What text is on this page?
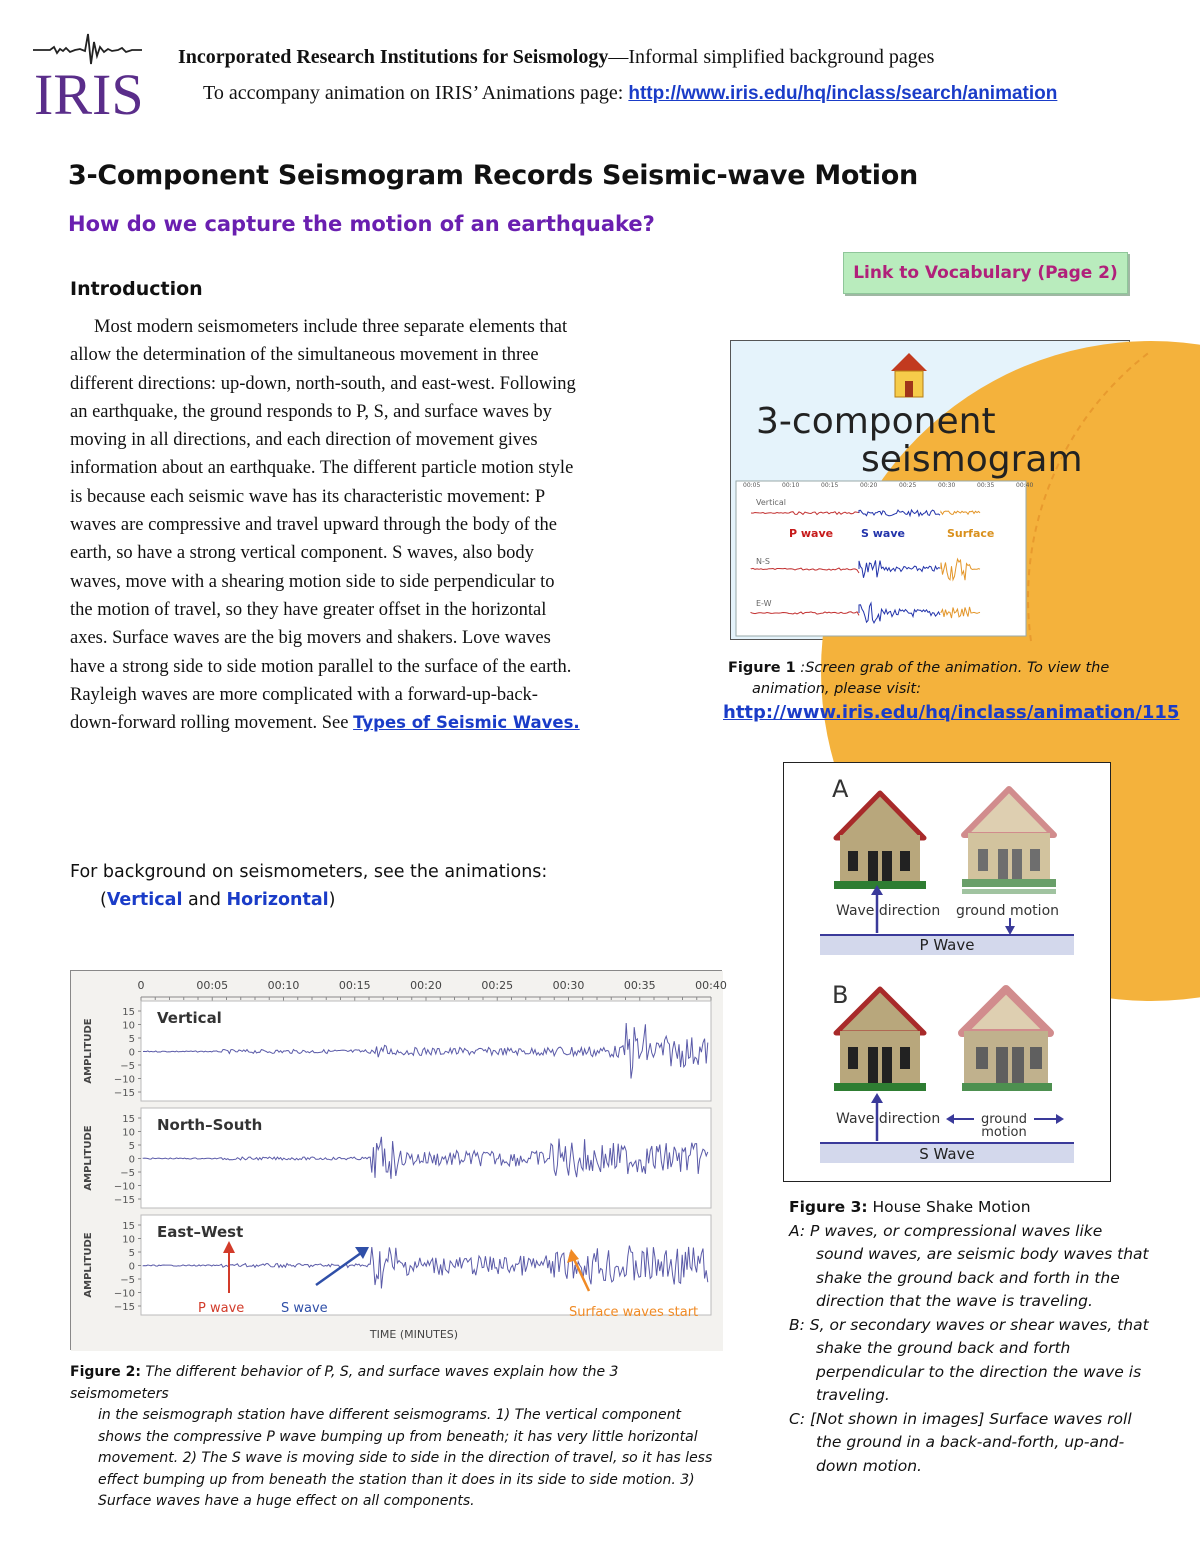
IRIS
Incorporated Research Institutions for Seismology—Informal simplified background pages
To accompany animation on IRIS’ Animations page: http://www.iris.edu/hq/inclass/search/animation
3-Component Seismogram Records Seismic-wave Motion
How do we capture the motion of an earthquake?
Link to Vocabulary (Page 2)
Introduction
Most modern seismometers include three separate elements that allow the determination of the simultaneous movement in three different directions: up-down, north-south, and east-west. Following an earthquake, the ground responds to P, S, and surface waves by moving in all directions, and each direction of movement gives information about an earthquake. The different particle motion style is because each seismic wave has its characteristic movement: P waves are compressive and travel upward through the body of the earth, so have a strong vertical component. S waves, also body waves, move with a shearing motion side to side perpendicular to the motion of travel, so they have greater offset in the horizontal axes. Surface waves are the big movers and shakers. Love waves have a strong side to side motion parallel to the surface of the earth. Rayleigh waves are more complicated with a forward-up-back-down-forward rolling movement. See Types of Seismic Waves.
For background on seismometers, see the animations:
(Vertical and Horizontal)
3-component
seismogram
00:05	00:10	00:15	00:20	00:25	00:30	00:35	00:40
Vertical
N-S
E-W
P wave	S wave	Surface
Figure 1 :Screen grab of the animation. To view the
animation, please visit:
http://www.iris.edu/hq/inclass/animation/115
A
Wave direction ground motion
P Wave
B
Wave direction	ground
motion
S Wave
Figure 3: House Shake Motion
A: P waves, or compressional waves like sound waves, are seismic body waves that shake the ground back and forth in the direction that the wave is traveling.
B: S, or secondary waves or shear waves, that shake the ground back and forth perpendicular to the direction the wave is traveling.
C: [Not shown in images] Surface waves roll the ground in a back-and-forth, up-and-down motion.
0	00:05	00:10	00:15	00:20	00:25	00:30	00:35	00:40
15
10
5
0
−5
−10
−15
AMPLITUDE
Vertical
15
10
5
0
−5
−10
−15
AMPLITUDE
North–South
15
10
5
0
−5
−10
−15
AMPLITUDE
East–West
TIME (MINUTES)
P wave	S wave	Surface waves start
Figure 2: The different behavior of P, S, and surface waves explain how the 3 seismometers
in the seismograph station have different seismograms. 1) The vertical component shows the compressive P wave bumping up from beneath; it has very little horizontal movement. 2) The S wave is moving side to side in the direction of travel, so it has less effect bumping up from beneath the station than it does in its side to side motion. 3) Surface waves have a huge effect on all components.
